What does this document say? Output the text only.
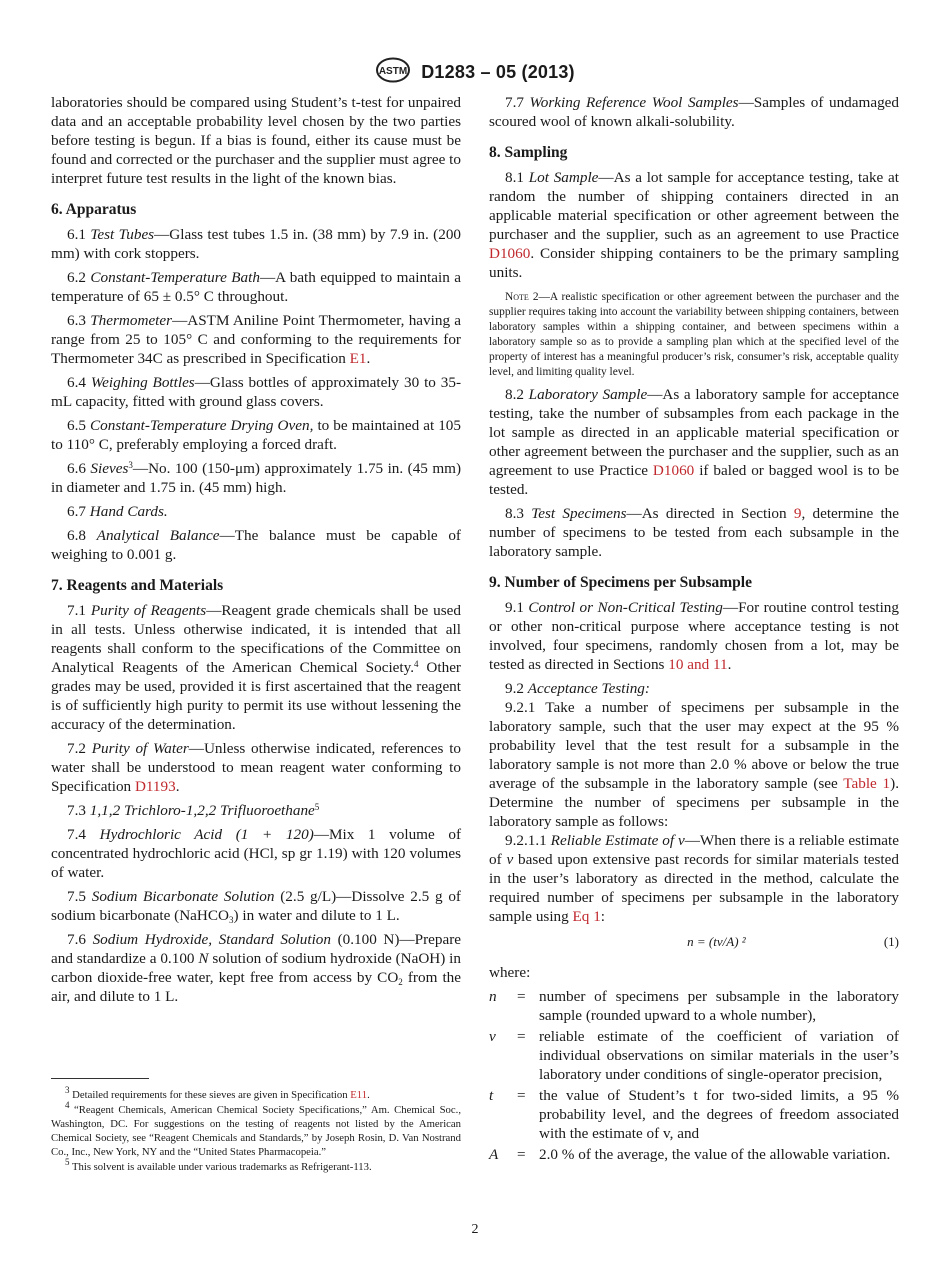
ASTM D1283 – 05 (2013)

laboratories should be compared using Student’s t-test for unpaired data and an acceptable probability level chosen by the two parties before testing is begun. If a bias is found, either its cause must be found and corrected or the purchaser and the supplier must agree to interpret future test results in the light of the known bias.

6. Apparatus

6.1 Test Tubes—Glass test tubes 1.5 in. (38 mm) by 7.9 in. (200 mm) with cork stoppers.

6.2 Constant-Temperature Bath—A bath equipped to maintain a temperature of 65 ± 0.5° C throughout.

6.3 Thermometer—ASTM Aniline Point Thermometer, having a range from 25 to 105° C and conforming to the requirements for Thermometer 34C as prescribed in Specification E1.

6.4 Weighing Bottles—Glass bottles of approximately 30 to 35-mL capacity, fitted with ground glass covers.

6.5 Constant-Temperature Drying Oven, to be maintained at 105 to 110° C, preferably employing a forced draft.

6.6 Sieves$^3$—No. 100 (150-μm) approximately 1.75 in. (45 mm) in diameter and 1.75 in. (45 mm) high.

6.7 Hand Cards.

6.8 Analytical Balance—The balance must be capable of weighing to 0.001 g.

7. Reagents and Materials

7.1 Purity of Reagents—Reagent grade chemicals shall be used in all tests. Unless otherwise indicated, it is intended that all reagents shall conform to the specifications of the Committee on Analytical Reagents of the American Chemical Society.$^4$ Other grades may be used, provided it is first ascertained that the reagent is of sufficiently high purity to permit its use without lessening the accuracy of the determination.

7.2 Purity of Water—Unless otherwise indicated, references to water shall be understood to mean reagent water conforming to Specification D1193.

7.3 1,1,2 Trichloro-1,2,2 Trifluoroethane$^5$

7.4 Hydrochloric Acid (1 + 120)—Mix 1 volume of concentrated hydrochloric acid (HCl, sp gr 1.19) with 120 volumes of water.

7.5 Sodium Bicarbonate Solution (2.5 g/L)—Dissolve 2.5 g of sodium bicarbonate (NaHCO$_3$) in water and dilute to 1 L.

7.6 Sodium Hydroxide, Standard Solution (0.100 N)—Prepare and standardize a 0.100 N solution of sodium hydroxide (NaOH) in carbon dioxide-free water, kept free from access by $CO_2$ from the air, and dilute to 1 L.

$^3$ Detailed requirements for these sieves are given in Specification E11.

$^4$ “Reagent Chemicals, American Chemical Society Specifications,” Am. Chemical Soc., Washington, DC. For suggestions on the testing of reagents not listed by the American Chemical Society, see “Reagent Chemicals and Standards,” by Joseph Rosin, D. Van Nostrand Co., Inc., New York, NY and the “United States Pharmacopeia.”

$^5$ This solvent is available under various trademarks as Refrigerant-113.

7.7 Working Reference Wool Samples—Samples of undamaged scoured wool of known alkali-solubility.

8. Sampling

8.1 Lot Sample—As a lot sample for acceptance testing, take at random the number of shipping containers directed in an applicable material specification or other agreement between the purchaser and the supplier, such as an agreement to use Practice D1060. Consider shipping containers to be the primary sampling units.

Note 2—A realistic specification or other agreement between the purchaser and the supplier requires taking into account the variability between shipping containers, between laboratory samples within a shipping container, and between specimens within a laboratory sample so as to provide a sampling plan which at the specified level of the property of interest has a meaningful producer’s risk, consumer’s risk, acceptable quality level, and limiting quality level.

8.2 Laboratory Sample—As a laboratory sample for acceptance testing, take the number of subsamples from each package in the lot sample as directed in an applicable material specification or other agreement between the purchaser and the supplier, such as an agreement to use Practice D1060 if baled or bagged wool is to be tested.

8.3 Test Specimens—As directed in Section 9, determine the number of specimens to be tested from each subsample in the laboratory sample.

9. Number of Specimens per Subsample

9.1 Control or Non-Critical Testing—For routine control testing or other non-critical purpose where acceptance testing is not involved, four specimens, randomly chosen from a lot, may be tested as directed in Sections 10 and 11.

9.2 Acceptance Testing:

9.2.1 Take a number of specimens per subsample in the laboratory sample, such that the user may expect at the 95 % probability level that the test result for a subsample in the laboratory sample is not more than 2.0 % above or below the true average of the subsample in the laboratory sample (see Table 1). Determine the number of specimens per subsample in the laboratory sample as follows:

9.2.1.1 Reliable Estimate of v—When there is a reliable estimate of v based upon extensive past records for similar materials tested in the user’s laboratory as directed in the method, calculate the required number of specimens per subsample in the laboratory sample using Eq 1:

n = (tv/A) ²	(1)

where:

n	= number of specimens per subsample in the laboratory sample (rounded upward to a whole number),
v	= reliable estimate of the coefficient of variation of individual observations on similar materials in the user’s laboratory under conditions of single-operator precision,
t	= the value of Student’s t for two-sided limits, a 95 % probability level, and the degrees of freedom associated with the estimate of v, and
A	= 2.0 % of the average, the value of the allowable variation.
2
